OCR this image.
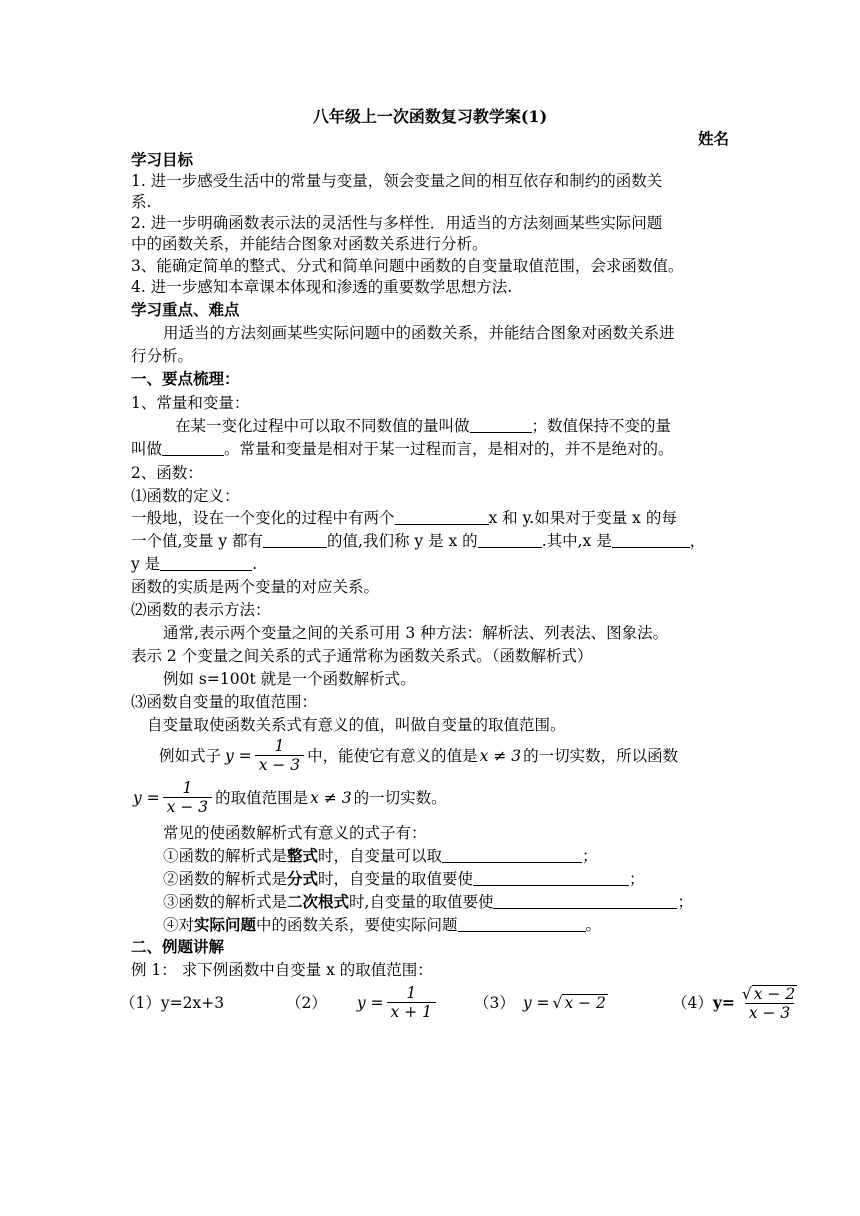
八年级上一次函数复习教学案(1)
姓名
学习目标
1. 进一步感受生活中的常量与变量，领会变量之间的相互依存和制约的函数关
系.
2. 进一步明确函数表示法的灵活性与多样性．用适当的方法刻画某些实际问题
中的函数关系，并能结合图象对函数关系进行分析。
3、能确定简单的整式、分式和简单问题中函数的自变量取值范围，会求函数值。
4. 进一步感知本章课本体现和渗透的重要数学思想方法.
学习重点、难点
用适当的方法刻画某些实际问题中的函数关系，并能结合图象对函数关系进
行分析。
一、要点梳理：
1、常量和变量：
在某一变化过程中可以取不同数值的量叫做	；数值保持不变的量
叫做	。常量和变量是相对于某一过程而言，是相对的，并不是绝对的。
2、函数：
⑴函数的定义：
一般地，设在一个变化的过程中有两个	x 和 y.如果对于变量 x 的每
一个值,变量 y 都有	的值,我们称 y 是 x 的	.其中,x 是	，
y 是	.
函数的实质是两个变量的对应关系。
⑵函数的表示方法：
通常,表示两个变量之间的关系可用 3 种方法：解析法、列表法、图象法。
表示 2 个变量之间关系的式子通常称为函数关系式。（函数解析式）
例如 s=100t 就是一个函数解析式。
⑶函数自变量的取值范围：
自变量取使函数关系式有意义的值，叫做自变量的取值范围。
例如式子 $y = \frac{1}{x - 3}$ 中，能使它有意义的值是 x ≠ 3 的一切实数，所以函数
$y = \frac{1}{x - 3}$ 的取值范围是 x ≠ 3 的一切实数。
常见的使函数解析式有意义的式子有：
①函数的解析式是整式时，自变量可以取	；
②函数的解析式是分式时，自变量的取值要使	；
③函数的解析式是二次根式时,自变量的取值要使	；
④对实际问题中的函数关系，要使实际问题	。
二、例题讲解
例 1： 求下例函数中自变量 x 的取值范围：
（1）y=2x+3	（2） $y = \frac{1}{x + 1} (3) y$ = √ x − 2	（4） $y= \frac{√ x - 2}{x - 3}$
